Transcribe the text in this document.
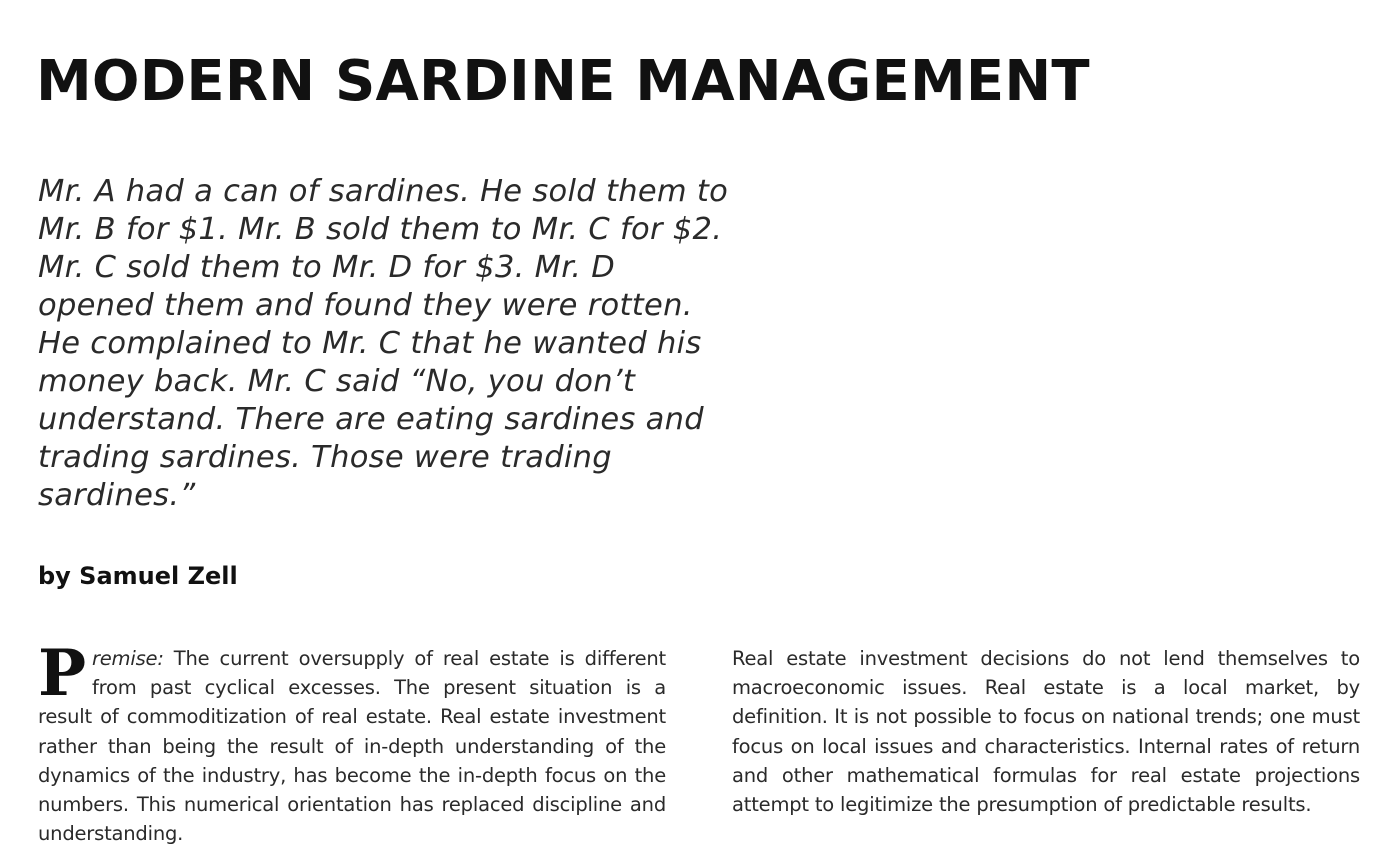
MODERN SARDINE MANAGEMENT

Mr. A had a can of sardines. He sold them to Mr. B for $1. Mr. B sold them to Mr. C for $2. Mr. C sold them to Mr. D for $3. Mr. D opened them and found they were rotten. He complained to Mr. C that he wanted his money back. Mr. C said “No, you don’t understand. There are eating sardines and trading sardines. Those were trading sardines.”

by Samuel Zell

Premise: The current oversupply of real estate is different from past cyclical excesses. The present situation is a result of commoditization of real estate. Real estate investment rather than being the result of in-depth understanding of the dynamics of the industry, has become the in-depth focus on the numbers. This numerical orientation has replaced discipline and understanding.
Real estate investment decisions do not lend themselves to macroeconomic issues. Real estate is a local market, by definition. It is not possible to focus on national trends; one must focus on local issues and characteristics. Internal rates of return and other mathematical formulas for real estate projections attempt to legitimize the presumption of predictable results.
